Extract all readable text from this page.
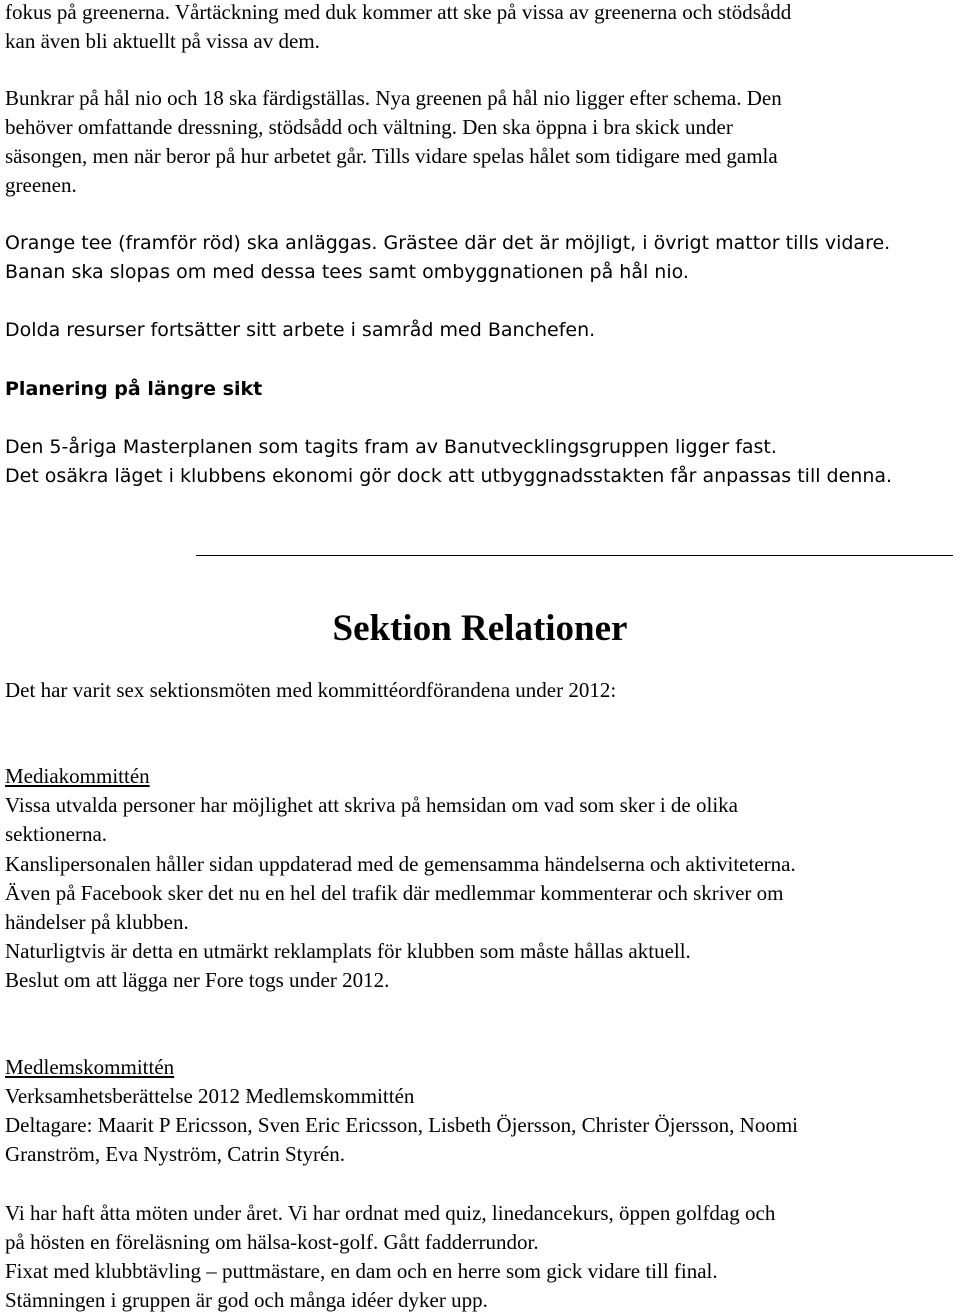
fokus på greenerna. Vårtäckning med duk kommer att ske på vissa av greenerna och stödsådd
kan även bli aktuellt på vissa av dem.
Bunkrar på hål nio och 18 ska färdigställas. Nya greenen på hål nio ligger efter schema. Den
behöver omfattande dressning, stödsådd och vältning. Den ska öppna i bra skick under
säsongen, men när beror på hur arbetet går. Tills vidare spelas hålet som tidigare med gamla
greenen.
Orange tee (framför röd) ska anläggas. Grästee där det är möjligt, i övrigt mattor tills vidare.
Banan ska slopas om med dessa tees samt ombyggnationen på hål nio.
Dolda resurser fortsätter sitt arbete i samråd med Banchefen.
Planering på längre sikt
Den 5-åriga Masterplanen som tagits fram av Banutvecklingsgruppen ligger fast.
Det osäkra läget i klubbens ekonomi gör dock att utbyggnadsstakten får anpassas till denna.
Sektion Relationer
Det har varit sex sektionsmöten med kommittéordförandena under 2012:
Mediakommittén
Vissa utvalda personer har möjlighet att skriva på hemsidan om vad som sker i de olika
sektionerna.
Kanslipersonalen håller sidan uppdaterad med de gemensamma händelserna och aktiviteterna.
Även på Facebook sker det nu en hel del trafik där medlemmar kommenterar och skriver om
händelser på klubben.
Naturligtvis är detta en utmärkt reklamplats för klubben som måste hållas aktuell.
Beslut om att lägga ner Fore togs under 2012.
Medlemskommittén
Verksamhetsberättelse 2012 Medlemskommittén
Deltagare: Maarit P Ericsson, Sven Eric Ericsson, Lisbeth Öjersson, Christer Öjersson, Noomi
Granström, Eva Nyström, Catrin Styrén.
Vi har haft åtta möten under året. Vi har ordnat med quiz, linedancekurs, öppen golfdag och
på hösten en föreläsning om hälsa-kost-golf. Gått fadderrundor.
Fixat med klubbtävling – puttmästare, en dam och en herre som gick vidare till final.
Stämningen i gruppen är god och många idéer dyker upp.
